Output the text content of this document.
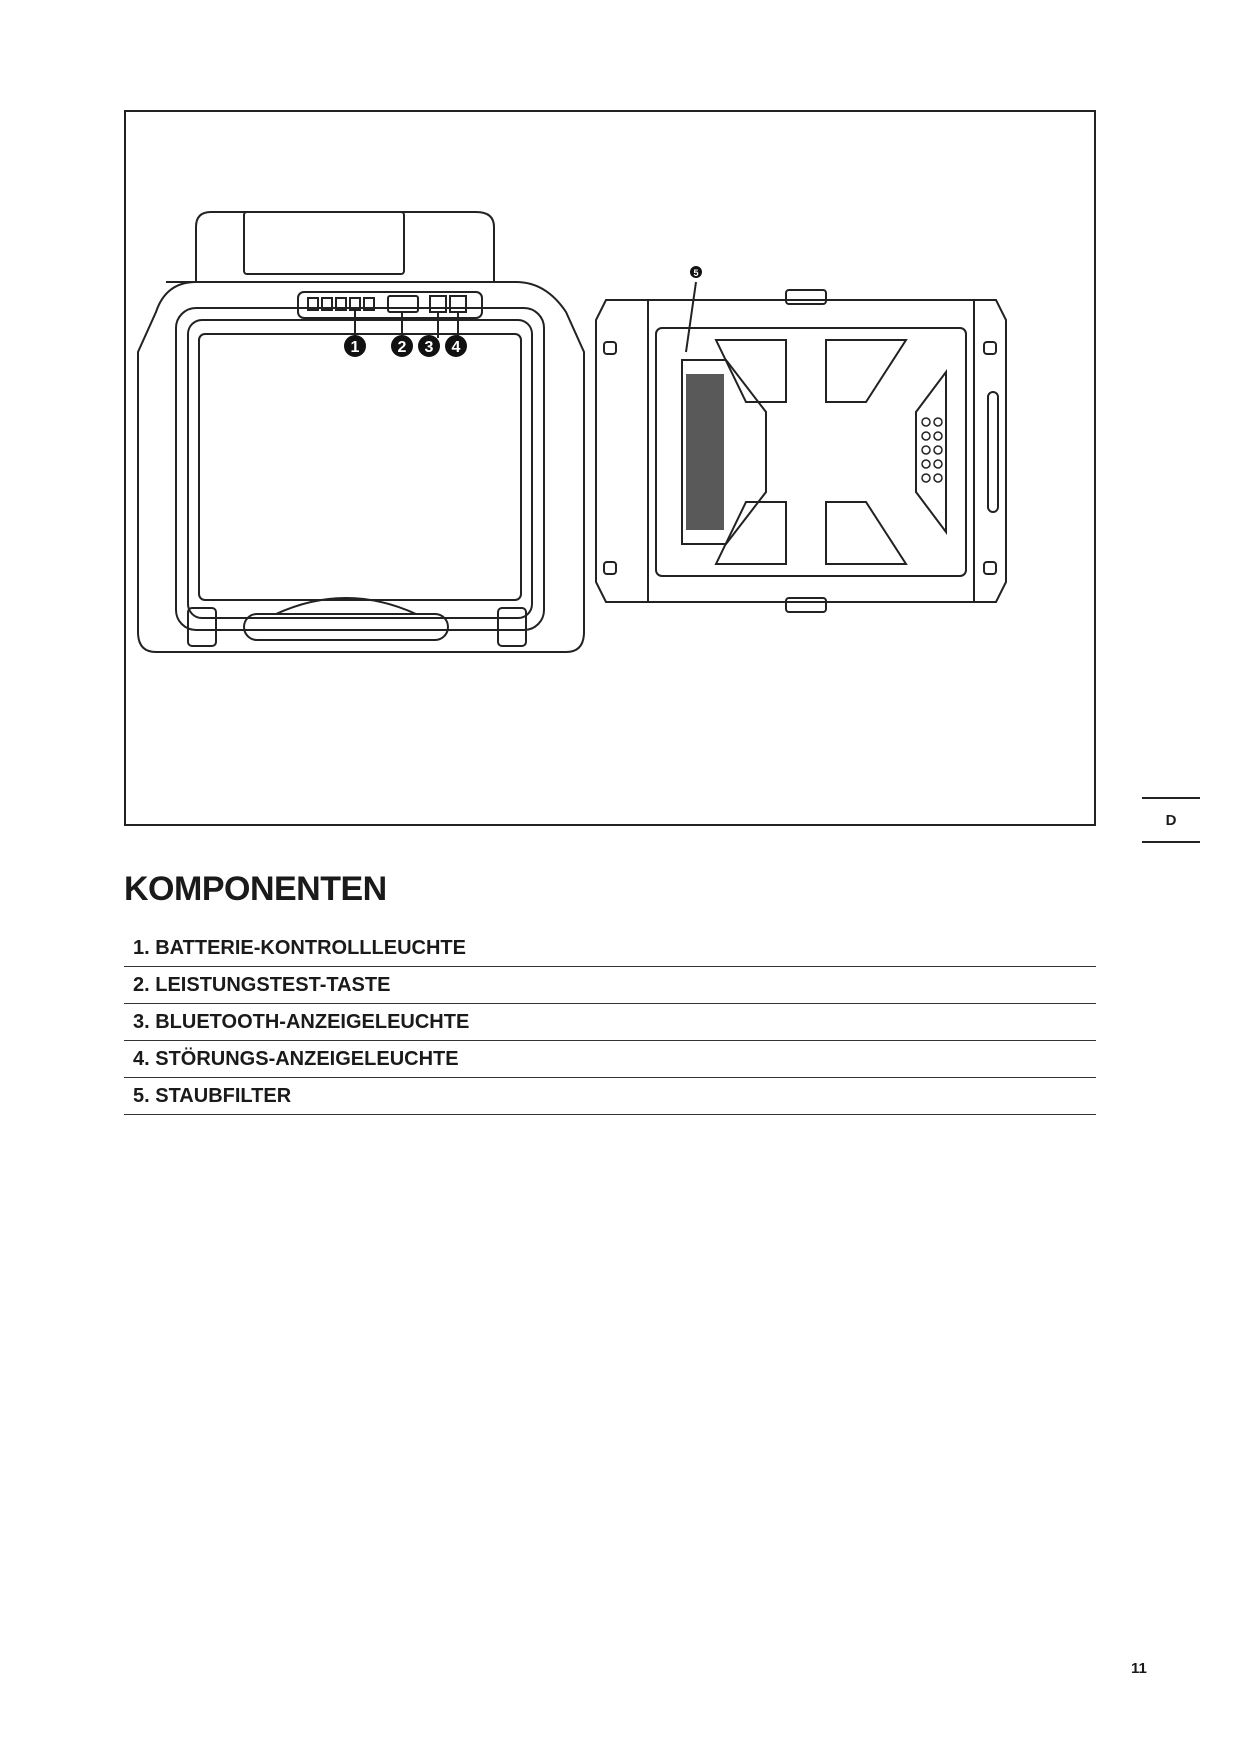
1 2 3 4
5
D
KOMPONENTEN
1. BATTERIE-KONTROLLLEUCHTE
2. LEISTUNGSTEST-TASTE
3. BLUETOOTH-ANZEIGELEUCHTE
4. STÖRUNGS-ANZEIGELEUCHTE
5. STAUBFILTER
11
